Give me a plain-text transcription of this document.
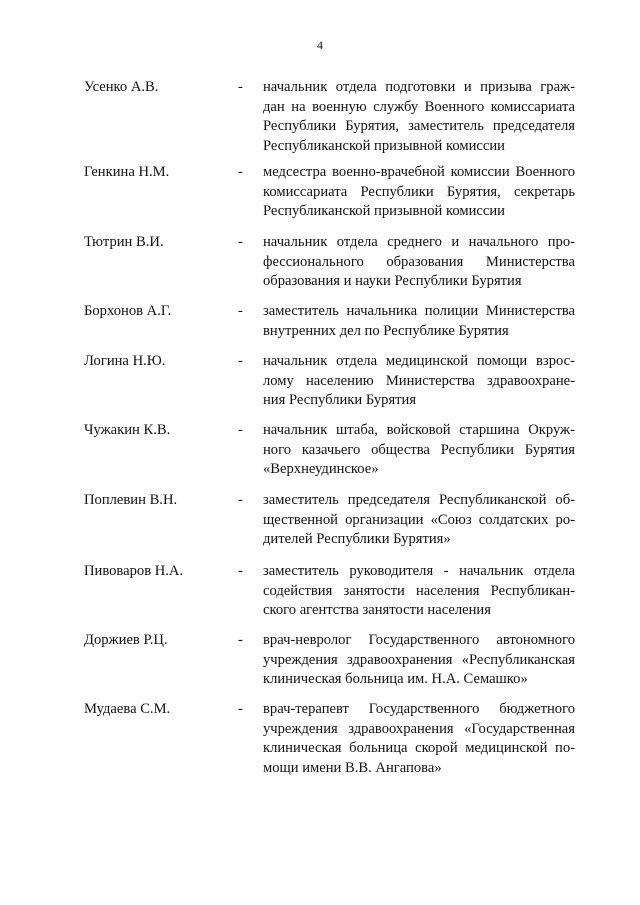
4
Усенко А.В.	- начальник отдела подготовки и призыва граж-
дан на военную службу Военного комиссариата
Республики Бурятия, заместитель председателя
Республиканской призывной комиссии
Генкина Н.М.	- медсестра военно-врачебной комиссии Военного
комиссариата Республики Бурятия, секретарь
Республиканской призывной комиссии
Тютрин В.И.	- начальник отдела среднего и начального про-
фессионального образования Министерства
образования и науки Республики Бурятия
Борхонов А.Г.	- заместитель начальника полиции Министерства
внутренних дел по Республике Бурятия
Логина Н.Ю.	- начальник отдела медицинской помощи взрос-
лому населению Министерства здравоохране-
ния Республики Бурятия
Чужакин К.В.	- начальник штаба, войсковой старшина Окруж-
ного казачьего общества Республики Бурятия
«Верхнеудинское»
Поплевин В.Н.	- заместитель председателя Республиканской об-
щественной организации «Союз солдатских ро-
дителей Республики Бурятия»
Пивоваров Н.А.	- заместитель руководителя - начальник отдела
содействия занятости населения Республикан-
ского агентства занятости населения
Доржиев Р.Ц.	- врач-невролог Государственного автономного
учреждения здравоохранения «Республиканская
клиническая больница им. Н.А. Семашко»
Мудаева С.М.	- врач-терапевт Государственного бюджетного
учреждения здравоохранения «Государственная
клиническая больница скорой медицинской по-
мощи имени В.В. Ангапова»
